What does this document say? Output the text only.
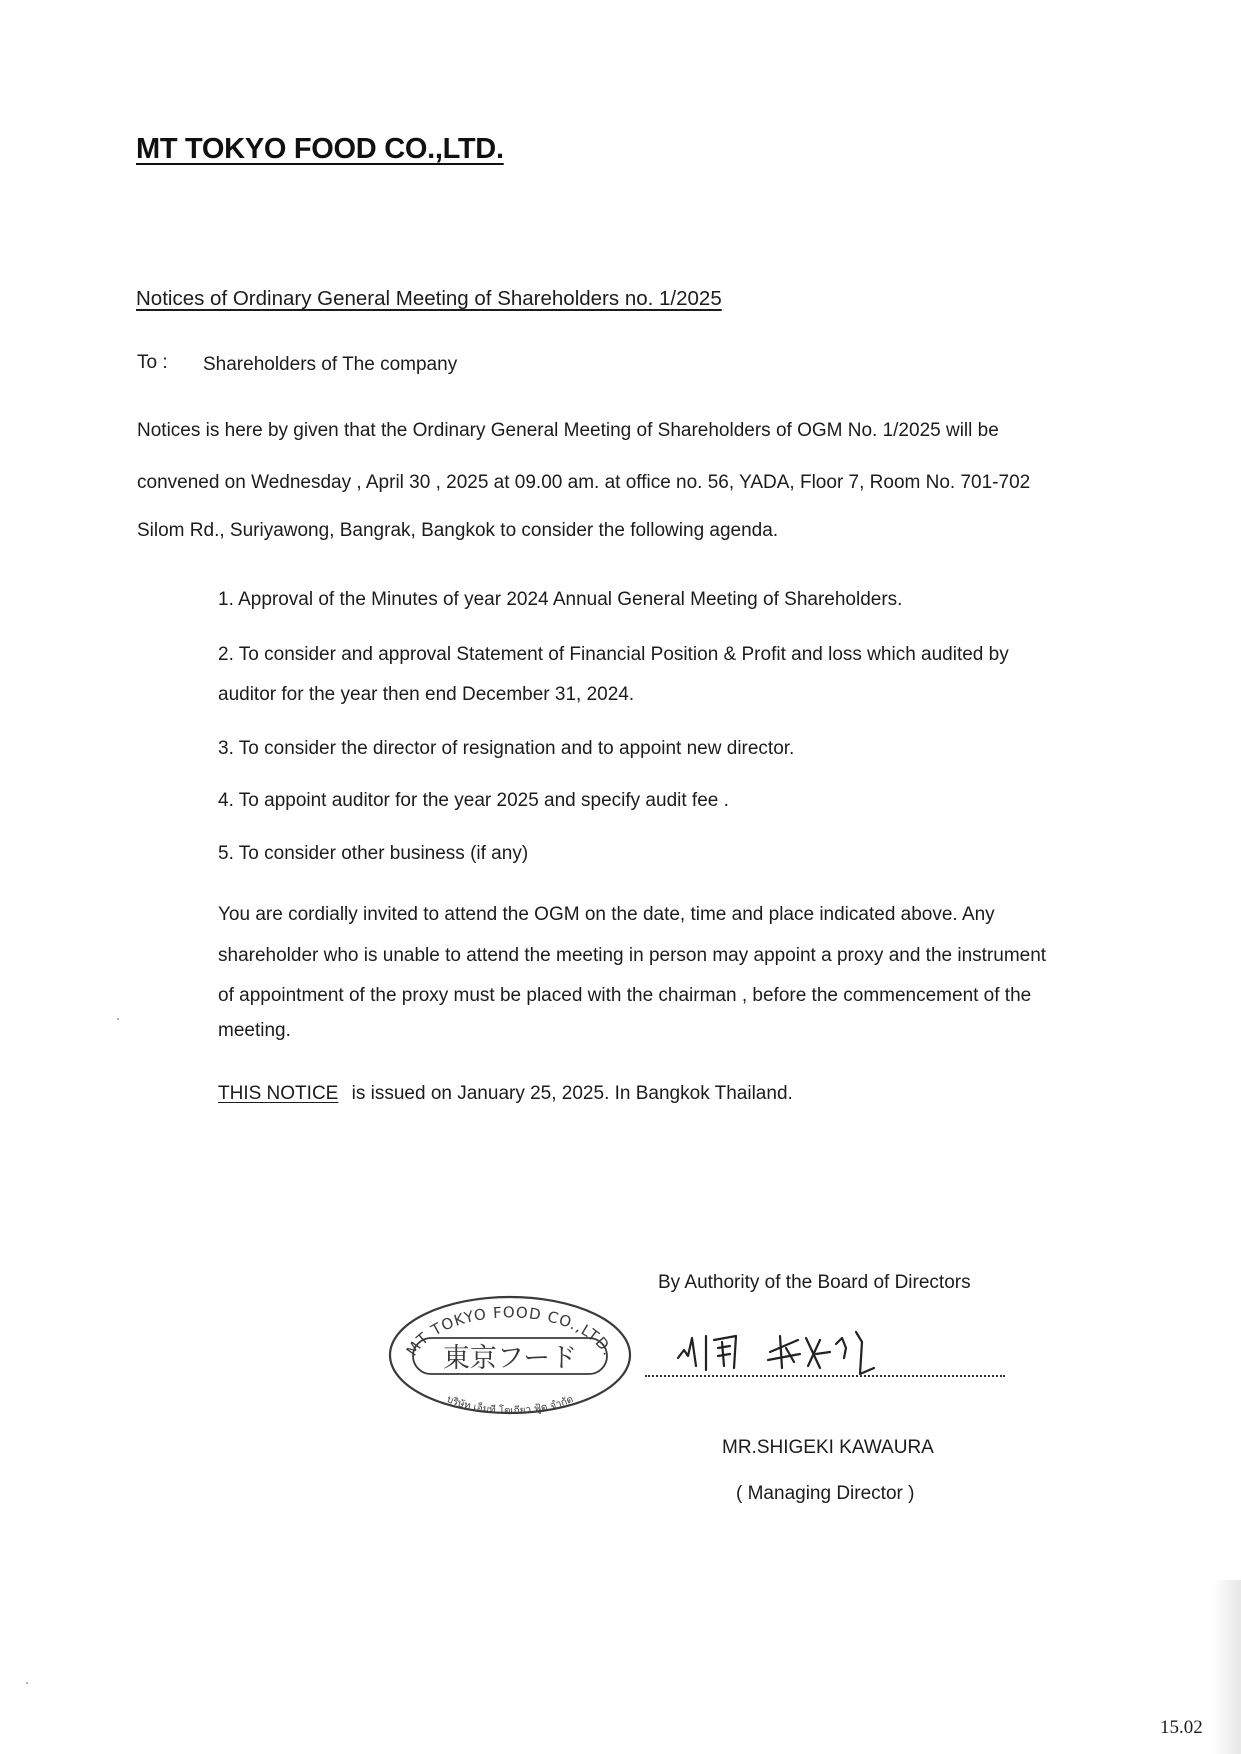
MT TOKYO FOOD CO.,LTD.
Notices of Ordinary General Meeting of Shareholders no. 1/2025
To : Shareholders of The company
Notices is here by given that the Ordinary General Meeting of Shareholders of OGM No. 1/2025 will be
convened on Wednesday , April 30 , 2025 at 09.00 am. at office no. 56, YADA, Floor 7, Room No. 701-702
Silom Rd., Suriyawong, Bangrak, Bangkok to consider the following agenda.
1. Approval of the Minutes of year 2024 Annual General Meeting of Shareholders.
2. To consider and approval Statement of Financial Position & Profit and loss which audited by
auditor for the year then end December 31, 2024.
3. To consider the director of resignation and to appoint new director.
4. To appoint auditor for the year 2025 and specify audit fee .
5. To consider other business (if any)
You are cordially invited to attend the OGM on the date, time and place indicated above. Any
shareholder who is unable to attend the meeting in person may appoint a proxy and the instrument
of appointment of the proxy must be placed with the chairman , before the commencement of the
meeting.
THIS NOTICE is issued on January 25, 2025. In Bangkok Thailand.
By Authority of the Board of Directors
MT TOKYO FOOD CO.,LTD.
東京フード
บริษัท เอ็มที โตเกียว ฟู้ด จำกัด
MR.SHIGEKI KAWAURA
( Managing Director )
15.02
